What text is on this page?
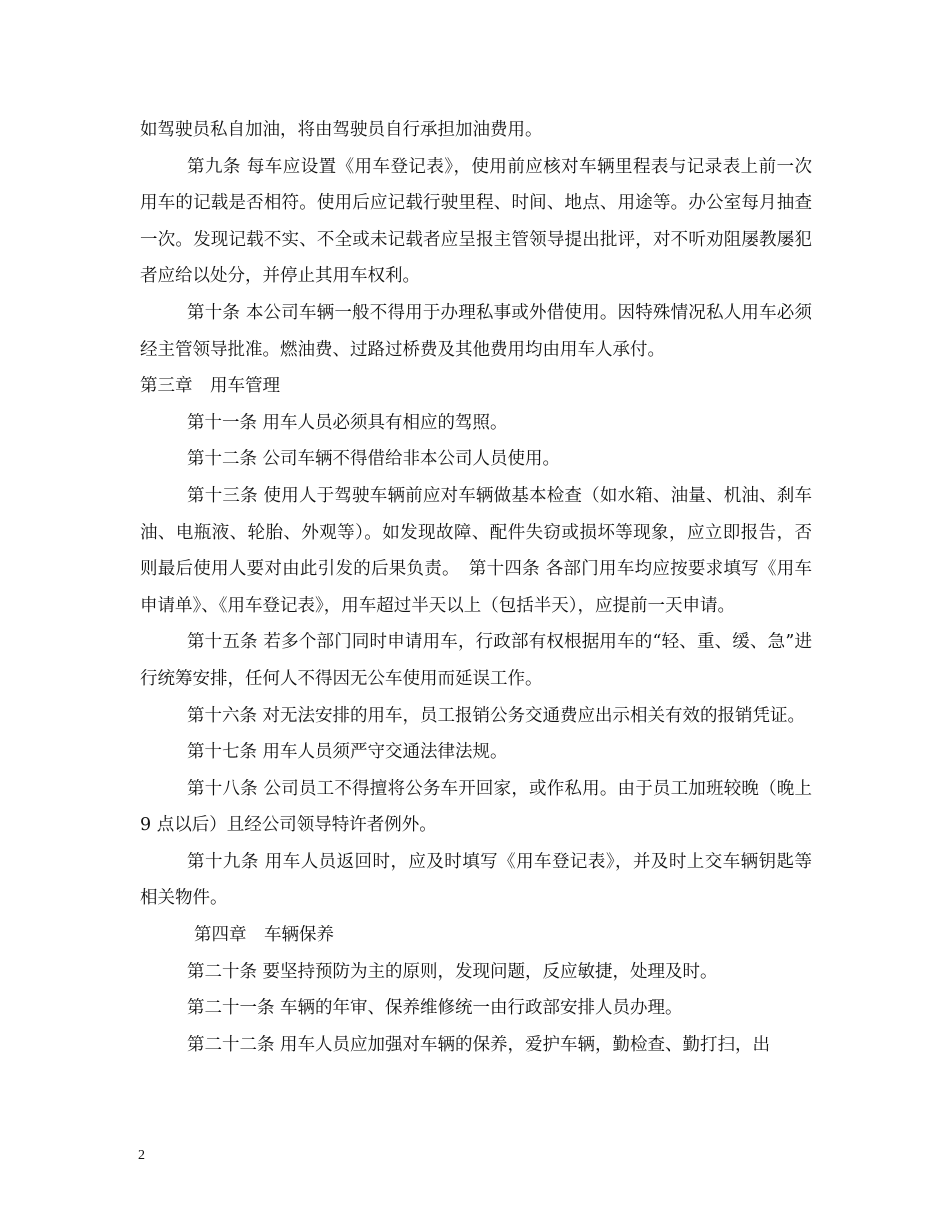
如驾驶员私自加油，将由驾驶员自行承担加油费用。

第九条 每车应设置《用车登记表》，使用前应核对车辆里程表与记录表上前一次用车的记载是否相符。使用后应记载行驶里程、时间、地点、用途等。办公室每月抽查一次。发现记载不实、不全或未记载者应呈报主管领导提出批评，对不听劝阻屡教屡犯者应给以处分，并停止其用车权利。

第十条 本公司车辆一般不得用于办理私事或外借使用。因特殊情况私人用车必须经主管领导批准。燃油费、过路过桥费及其他费用均由用车人承付。

第三章　用车管理

第十一条 用车人员必须具有相应的驾照。

第十二条 公司车辆不得借给非本公司人员使用。

第十三条 使用人于驾驶车辆前应对车辆做基本检查（如水箱、油量、机油、刹车油、电瓶液、轮胎、外观等）。如发现故障、配件失窃或损坏等现象，应立即报告，否则最后使用人要对由此引发的后果负责。　第十四条 各部门用车均应按要求填写《用车申请单》、《用车登记表》，用车超过半天以上（包括半天），应提前一天申请。

第十五条 若多个部门同时申请用车，行政部有权根据用车的“轻、重、缓、急”进行统筹安排，任何人不得因无公车使用而延误工作。

第十六条 对无法安排的用车，员工报销公务交通费应出示相关有效的报销凭证。

第十七条 用车人员须严守交通法律法规。

第十八条 公司员工不得擅将公务车开回家，或作私用。由于员工加班较晚（晚上 9 点以后）且经公司领导特许者例外。

第十九条 用车人员返回时，应及时填写《用车登记表》，并及时上交车辆钥匙等相关物件。

第四章　车辆保养

第二十条 要坚持预防为主的原则，发现问题，反应敏捷，处理及时。

第二十一条 车辆的年审、保养维修统一由行政部安排人员办理。

第二十二条 用车人员应加强对车辆的保养，爱护车辆，勤检查、勤打扫，出

2
